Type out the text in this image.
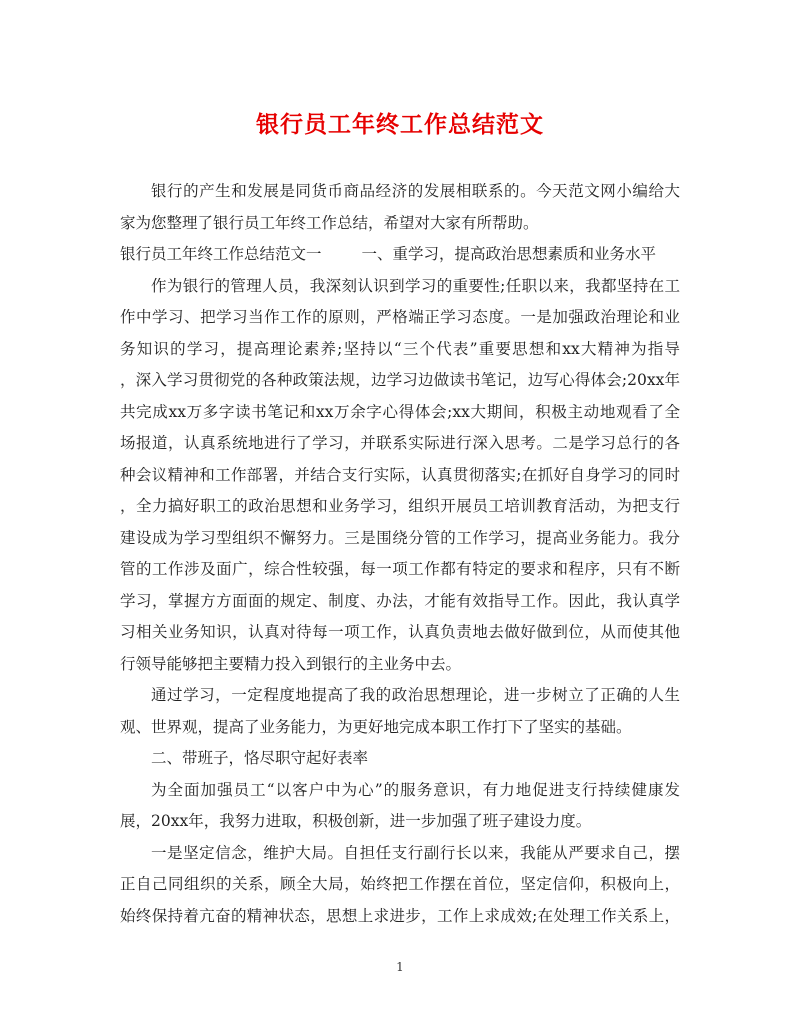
银行员工年终工作总结范文
银行的产生和发展是同货币商品经济的发展相联系的。今天范文网小编给大
家为您整理了银行员工年终工作总结，希望对大家有所帮助。
银行员工年终工作总结范文一	一、重学习，提高政治思想素质和业务水平
作为银行的管理人员，我深刻认识到学习的重要性;任职以来，我都坚持在工
作中学习、把学习当作工作的原则，严格端正学习态度。一是加强政治理论和业
务知识的学习，提高理论素养;坚持以“三个代表”重要思想和xx大精神为指导
，深入学习贯彻党的各种政策法规，边学习边做读书笔记，边写心得体会;20xx年
共完成xx万多字读书笔记和xx万余字心得体会;xx大期间，积极主动地观看了全
场报道，认真系统地进行了学习，并联系实际进行深入思考。二是学习总行的各
种会议精神和工作部署，并结合支行实际，认真贯彻落实;在抓好自身学习的同时
，全力搞好职工的政治思想和业务学习，组织开展员工培训教育活动，为把支行
建设成为学习型组织不懈努力。三是围绕分管的工作学习，提高业务能力。我分
管的工作涉及面广，综合性较强，每一项工作都有特定的要求和程序，只有不断
学习，掌握方方面面的规定、制度、办法，才能有效指导工作。因此，我认真学
习相关业务知识，认真对待每一项工作，认真负责地去做好做到位，从而使其他
行领导能够把主要精力投入到银行的主业务中去。
通过学习，一定程度地提高了我的政治思想理论，进一步树立了正确的人生
观、世界观，提高了业务能力，为更好地完成本职工作打下了坚实的基础。
二、带班子，恪尽职守起好表率
为全面加强员工“以客户中为心”的服务意识，有力地促进支行持续健康发
展，20xx年，我努力进取，积极创新，进一步加强了班子建设力度。
一是坚定信念，维护大局。自担任支行副行长以来，我能从严要求自己，摆
正自己同组织的关系，顾全大局，始终把工作摆在首位，坚定信仰，积极向上，
始终保持着亢奋的精神状态，思想上求进步，工作上求成效;在处理工作关系上，
1
